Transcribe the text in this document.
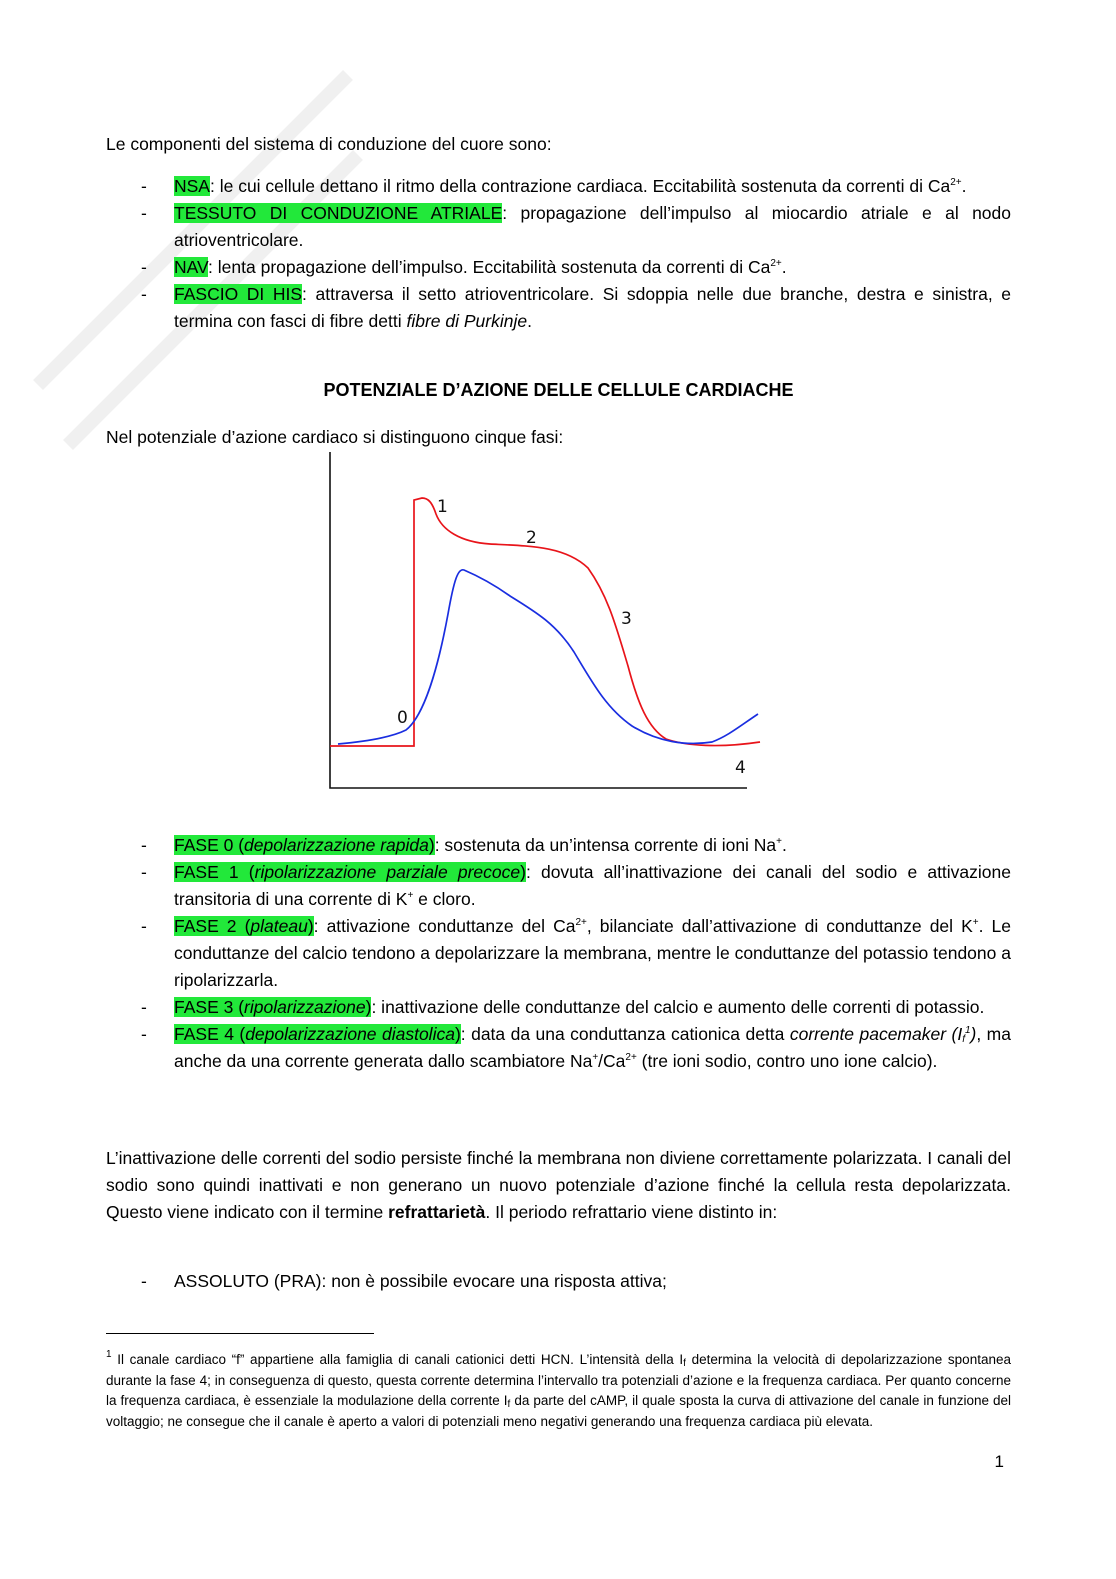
Le componenti del sistema di conduzione del cuore sono:
- NSA: le cui cellule dettano il ritmo della contrazione cardiaca. Eccitabilità sostenuta da correnti di $Ca^{2+}$.
- TESSUTO DI CONDUZIONE ATRIALE: propagazione dell’impulso al miocardio atriale e al nodo atrioventricolare.
- NAV: lenta propagazione dell’impulso. Eccitabilità sostenuta da correnti di $Ca^{2+}$.
- FASCIO DI HIS: attraversa il setto atrioventricolare. Si sdoppia nelle due branche, destra e sinistra, e termina con fasci di fibre detti fibre di Purkinje.
POTENZIALE D’AZIONE DELLE CELLULE CARDIACHE
Nel potenziale d’azione cardiaco si distinguono cinque fasi:
0
1
2
3
4
- FASE 0 (depolarizzazione rapida): sostenuta da un’intensa corrente di ioni Na+.
- FASE 1 (ripolarizzazione parziale precoce): dovuta all’inattivazione dei canali del sodio e attivazione transitoria di una corrente di K+ e cloro.
- FASE 2 (plateau): attivazione conduttanze del $Ca^{2+}$, bilanciate dall’attivazione di conduttanze del K+. Le conduttanze del calcio tendono a depolarizzare la membrana, mentre le conduttanze del potassio tendono a ripolarizzarla.
- FASE 3 (ripolarizzazione): inattivazione delle conduttanze del calcio e aumento delle correnti di potassio.
- FASE 4 (depolarizzazione diastolica): data da una conduttanza cationica detta corrente pacemaker $(I_f^1)$, ma anche da una corrente generata dallo scambiatore $Na^+/Ca^{2+}$ (tre ioni sodio, contro uno ione calcio).
L’inattivazione delle correnti del sodio persiste finché la membrana non diviene correttamente polarizzata. I canali del sodio sono quindi inattivati e non generano un nuovo potenziale d’azione finché la cellula resta depolarizzata. Questo viene indicato con il termine refrattarietà. Il periodo refrattario viene distinto in:
- ASSOLUTO (PRA): non è possibile evocare una risposta attiva;
$^1$ Il canale cardiaco “f” appartiene alla famiglia di canali cationici detti HCN. L’intensità della $I_f$ determina la velocità di depolarizzazione spontanea durante la fase 4; in conseguenza di questo, questa corrente determina l’intervallo tra potenziali d’azione e la frequenza cardiaca. Per quanto concerne la frequenza cardiaca, è essenziale la modulazione della corrente $I_f$ da parte del cAMP, il quale sposta la curva di attivazione del canale in funzione del voltaggio; ne consegue che il canale è aperto a valori di potenziali meno negativi generando una frequenza cardiaca più elevata.
1
